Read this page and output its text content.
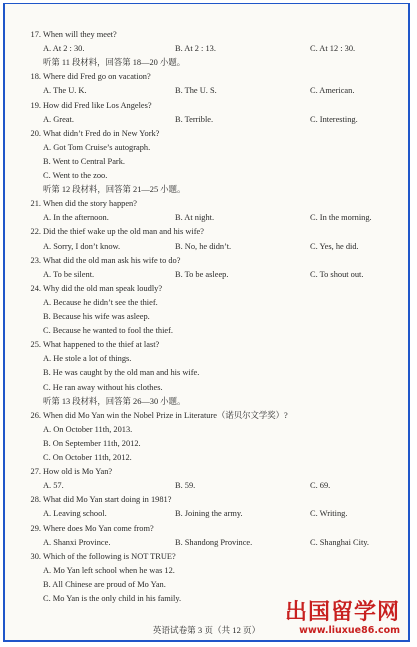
17. When will they meet?
A. At 2 : 30.	B. At 2 : 13.	C. At 12 : 30.
听第 11 段材料，回答第 18—20 小题。
18. Where did Fred go on vacation?
A. The U. K.	B. The U. S.	C. American.
19. How did Fred like Los Angeles?
A. Great.	B. Terrible.	C. Interesting.
20. What didn’t Fred do in New York?
A. Got Tom Cruise’s autograph.
B. Went to Central Park.
C. Went to the zoo.
听第 12 段材料，回答第 21—25 小题。
21. When did the story happen?
A. In the afternoon.	B. At night.	C. In the morning.
22. Did the thief wake up the old man and his wife?
A. Sorry, I don’t know.	B. No, he didn’t.	C. Yes, he did.
23. What did the old man ask his wife to do?
A. To be silent.	B. To be asleep.	C. To shout out.
24. Why did the old man speak loudly?
A. Because he didn’t see the thief.
B. Because his wife was asleep.
C. Because he wanted to fool the thief.
25. What happened to the thief at last?
A. He stole a lot of things.
B. He was caught by the old man and his wife.
C. He ran away without his clothes.
听第 13 段材料，回答第 26—30 小题。
26. When did Mo Yan win the Nobel Prize in Literature（诺贝尔文学奖）?
A. On October 11th, 2013.
B. On September 11th, 2012.
C. On October 11th, 2012.
27. How old is Mo Yan?
A. 57.	B. 59.	C. 69.
28. What did Mo Yan start doing in 1981?
A. Leaving school.	B. Joining the army.	C. Writing.
29. Where does Mo Yan come from?
A. Shanxi Province.	B. Shandong Province.	C. Shanghai City.
30. Which of the following is NOT TRUE?
A. Mo Yan left school when he was 12.
B. All Chinese are proud of Mo Yan.
C. Mo Yan is the only child in his family.
英语试卷第 3 页（共 12 页）
出国留学网
www.liuxue86.com
